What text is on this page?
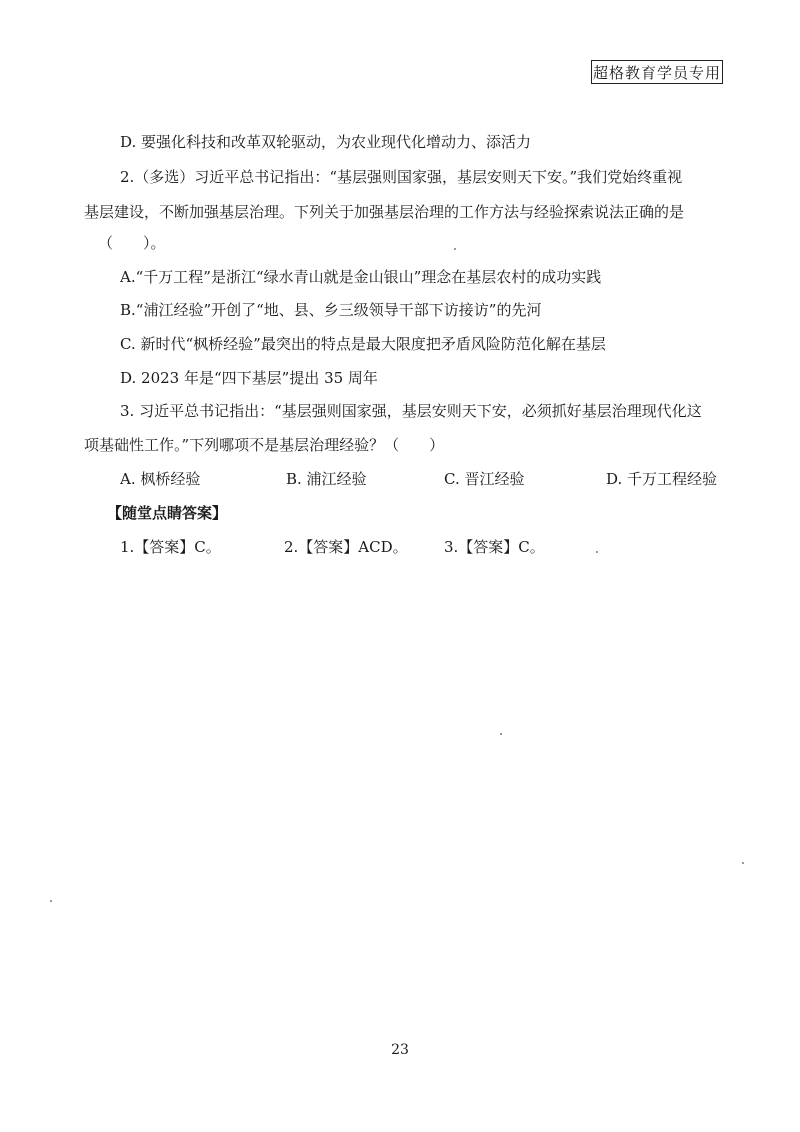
超格教育学员专用
D. 要强化科技和改革双轮驱动，为农业现代化增动力、添活力
2.（多选）习近平总书记指出：“基层强则国家强，基层安则天下安。”我们党始终重视
基层建设，不断加强基层治理。下列关于加强基层治理的工作方法与经验探索说法正确的是
（　　）。
A.“千万工程”是浙江“绿水青山就是金山银山”理念在基层农村的成功实践
B.“浦江经验”开创了“地、县、乡三级领导干部下访接访”的先河
C. 新时代“枫桥经验”最突出的特点是最大限度把矛盾风险防范化解在基层
D. 2023 年是“四下基层”提出 35 周年
3. 习近平总书记指出：“基层强则国家强，基层安则天下安，必须抓好基层治理现代化这
项基础性工作。”下列哪项不是基层治理经验？（　　）
A. 枫桥经验	B. 浦江经验	C. 晋江经验	D. 千万工程经验
【随堂点睛答案】
1.【答案】C。	2.【答案】ACD。 3.【答案】C。
23
